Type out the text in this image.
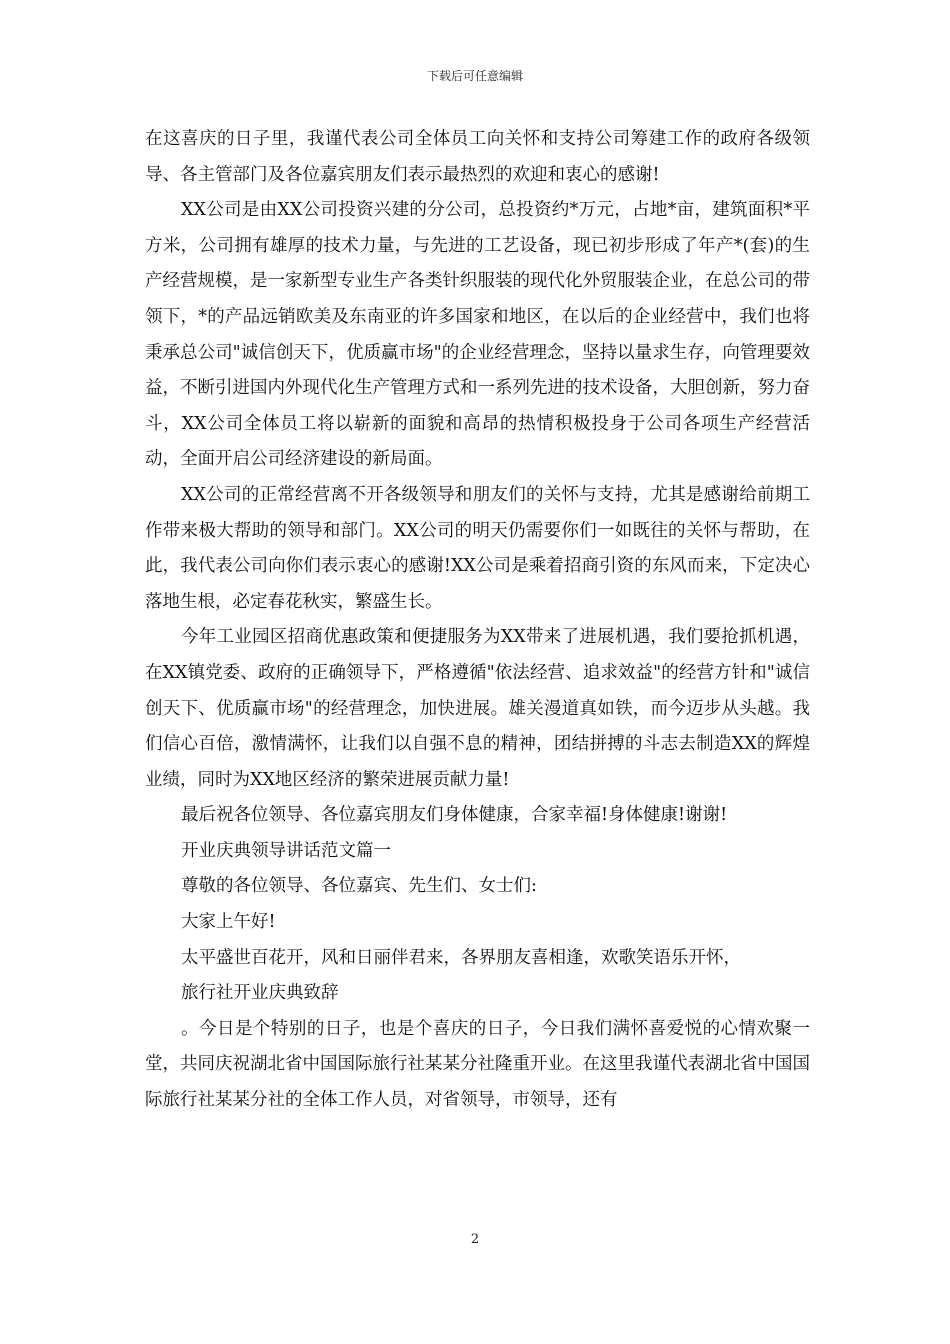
下载后可任意编辑

在这喜庆的日子里，我谨代表公司全体员工向关怀和支持公司筹建工作的政府各级领导、各主管部门及各位嘉宾朋友们表示最热烈的欢迎和衷心的感谢!

XX公司是由XX公司投资兴建的分公司，总投资约*万元，占地*亩，建筑面积*平方米，公司拥有雄厚的技术力量，与先进的工艺设备，现已初步形成了年产*(套)的生产经营规模，是一家新型专业生产各类针织服装的现代化外贸服装企业，在总公司的带领下，*的产品远销欧美及东南亚的许多国家和地区，在以后的企业经营中，我们也将秉承总公司"诚信创天下，优质赢市场"的企业经营理念，坚持以量求生存，向管理要效益，不断引进国内外现代化生产管理方式和一系列先进的技术设备，大胆创新，努力奋斗，XX公司全体员工将以崭新的面貌和高昂的热情积极投身于公司各项生产经营活动，全面开启公司经济建设的新局面。

XX公司的正常经营离不开各级领导和朋友们的关怀与支持，尤其是感谢给前期工作带来极大帮助的领导和部门。XX公司的明天仍需要你们一如既往的关怀与帮助，在此，我代表公司向你们表示衷心的感谢!XX公司是乘着招商引资的东风而来，下定决心落地生根，必定春花秋实，繁盛生长。

今年工业园区招商优惠政策和便捷服务为XX带来了进展机遇，我们要抢抓机遇，在XX镇党委、政府的正确领导下，严格遵循"依法经营、追求效益"的经营方针和"诚信创天下、优质赢市场"的经营理念，加快进展。雄关漫道真如铁，而今迈步从头越。我们信心百倍，激情满怀，让我们以自强不息的精神，团结拼搏的斗志去制造XX的辉煌业绩，同时为XX地区经济的繁荣进展贡献力量!

最后祝各位领导、各位嘉宾朋友们身体健康，合家幸福!身体健康!谢谢!

开业庆典领导讲话范文篇一

尊敬的各位领导、各位嘉宾、先生们、女士们:

大家上午好!

太平盛世百花开，风和日丽伴君来，各界朋友喜相逢，欢歌笑语乐开怀，

旅行社开业庆典致辞

。今日是个特别的日子，也是个喜庆的日子，今日我们满怀喜爱悦的心情欢聚一堂，共同庆祝湖北省中国国际旅行社某某分社隆重开业。在这里我谨代表湖北省中国国际旅行社某某分社的全体工作人员，对省领导，市领导，还有

2
